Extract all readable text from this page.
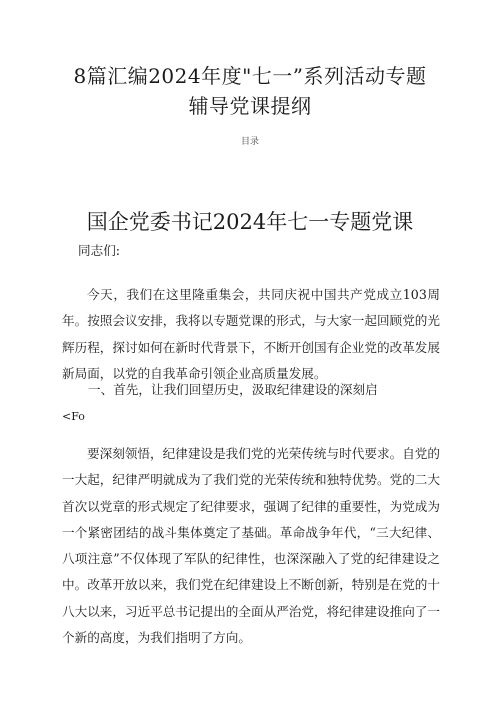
8篇汇编2024年度"七一”系列活动专题
辅导党课提纲
目录
国企党委书记2024年七一专题党课
同志们:
今天，我们在这里隆重集会，共同庆祝中国共产党成立103周年。按照会议安排，我将以专题党课的形式，与大家一起回顾党的光辉历程，探讨如何在新时代背景下，不断开创国有企业党的改革发展新局面，以党的自我革命引领企业高质量发展。
一、首先，让我们回望历史，汲取纪律建设的深刻启
<Fo
要深刻领悟，纪律建设是我们党的光荣传统与时代要求。自党的一大起，纪律严明就成为了我们党的光荣传统和独特优势。党的二大首次以党章的形式规定了纪律要求，强调了纪律的重要性，为党成为一个紧密团结的战斗集体奠定了基础。革命战争年代，“三大纪律、八项注意”不仅体现了军队的纪律性，也深深融入了党的纪律建设之中。改革开放以来，我们党在纪律建设上不断创新，特别是在党的十八大以来，习近平总书记提出的全面从严治党，将纪律建设推向了一个新的高度，为我们指明了方向。
